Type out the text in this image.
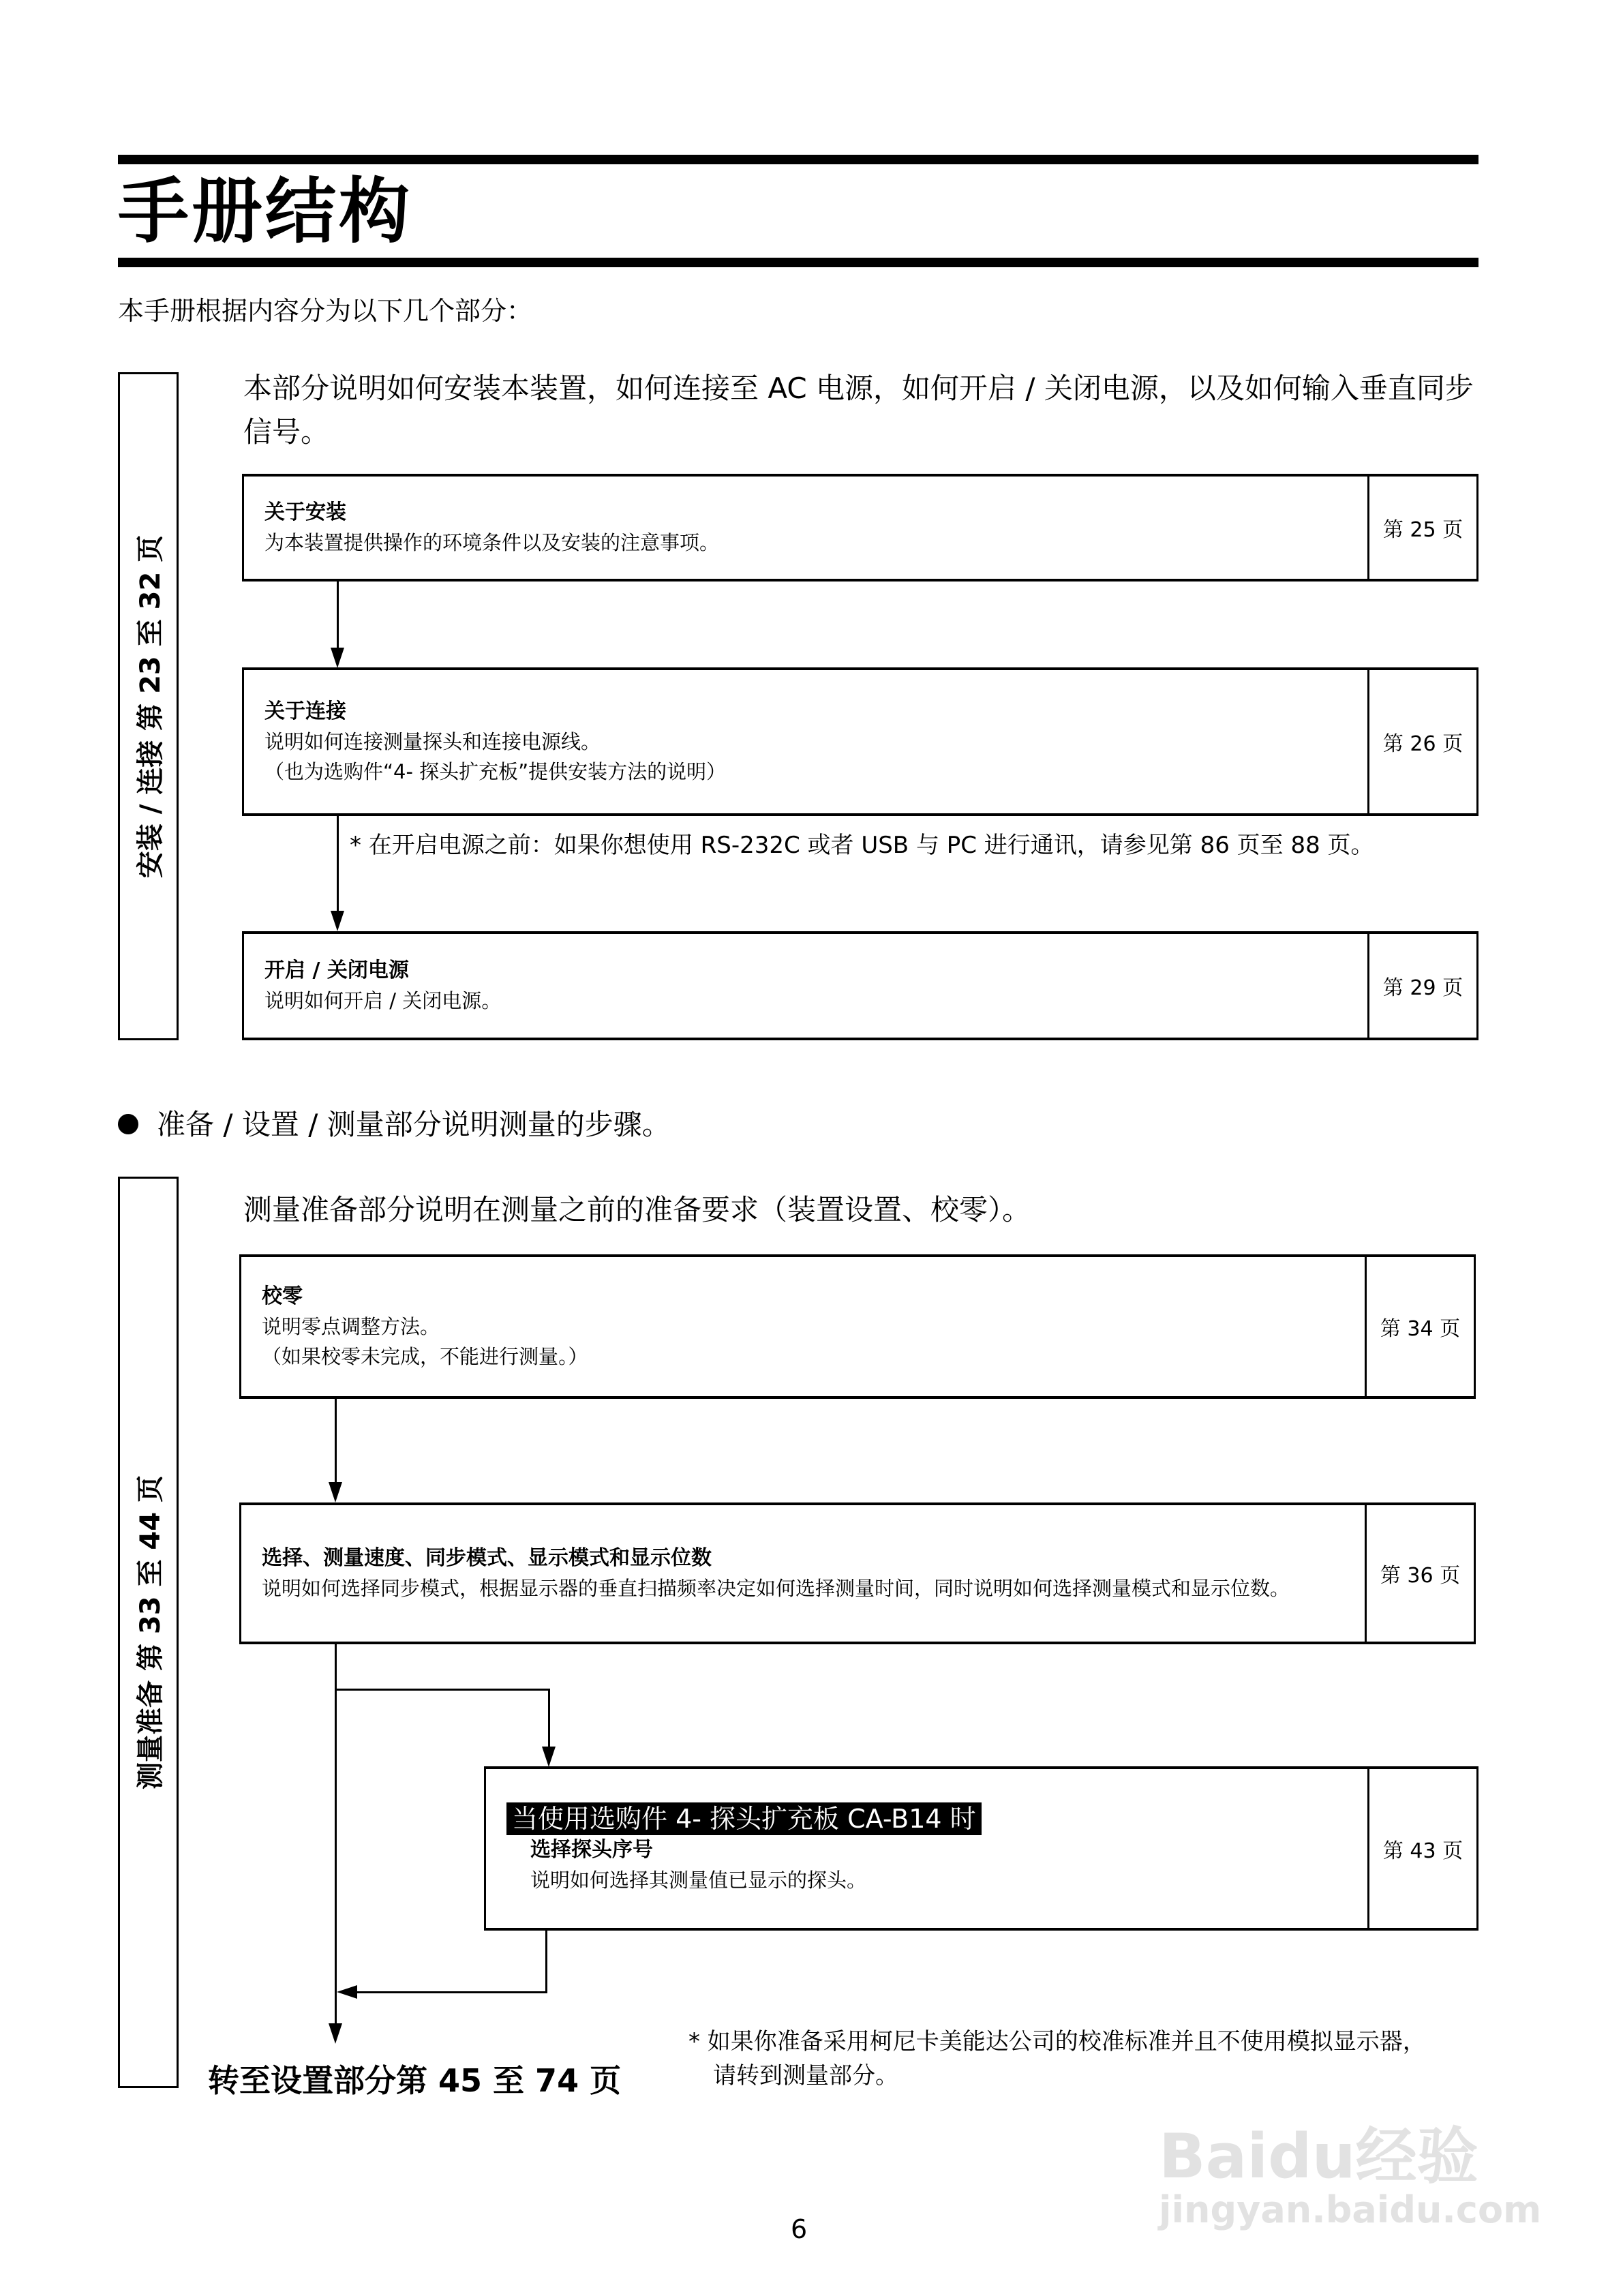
手册结构
本手册根据内容分为以下几个部分：
安装 / 连接 第 23 至 32 页
本部分说明如何安装本装置，如何连接至 AC 电源，如何开启 / 关闭电源，以及如何输入垂直同步信号。
关于安装
为本装置提供操作的环境条件以及安装的注意事项。
第 25 页
关于连接
说明如何连接测量探头和连接电源线。
（也为选购件“4- 探头扩充板”提供安装方法的说明）
第 26 页
* 在开启电源之前：如果你想使用 RS-232C 或者 USB 与 PC 进行通讯，请参见第 86 页至 88 页。
开启 / 关闭电源
说明如何开启 / 关闭电源。
第 29 页
准备 / 设置 / 测量部分说明测量的步骤。
测量准备 第 33 至 44 页
测量准备部分说明在测量之前的准备要求（装置设置、校零）。
校零
说明零点调整方法。
（如果校零未完成，不能进行测量。）
第 34 页
选择、测量速度、同步模式、显示模式和显示位数
说明如何选择同步模式，根据显示器的垂直扫描频率决定如何选择测量时间，同时说明如何选择测量模式和显示位数。
第 36 页
当使用选购件 4- 探头扩充板 CA-B14 时
选择探头序号
说明如何选择其测量值已显示的探头。
第 43 页
转至设置部分第 45 至 74 页
* 如果你准备采用柯尼卡美能达公司的校准标准并且不使用模拟显示器，
请转到测量部分。
6
Baidu经验
jingyan.baidu.com
